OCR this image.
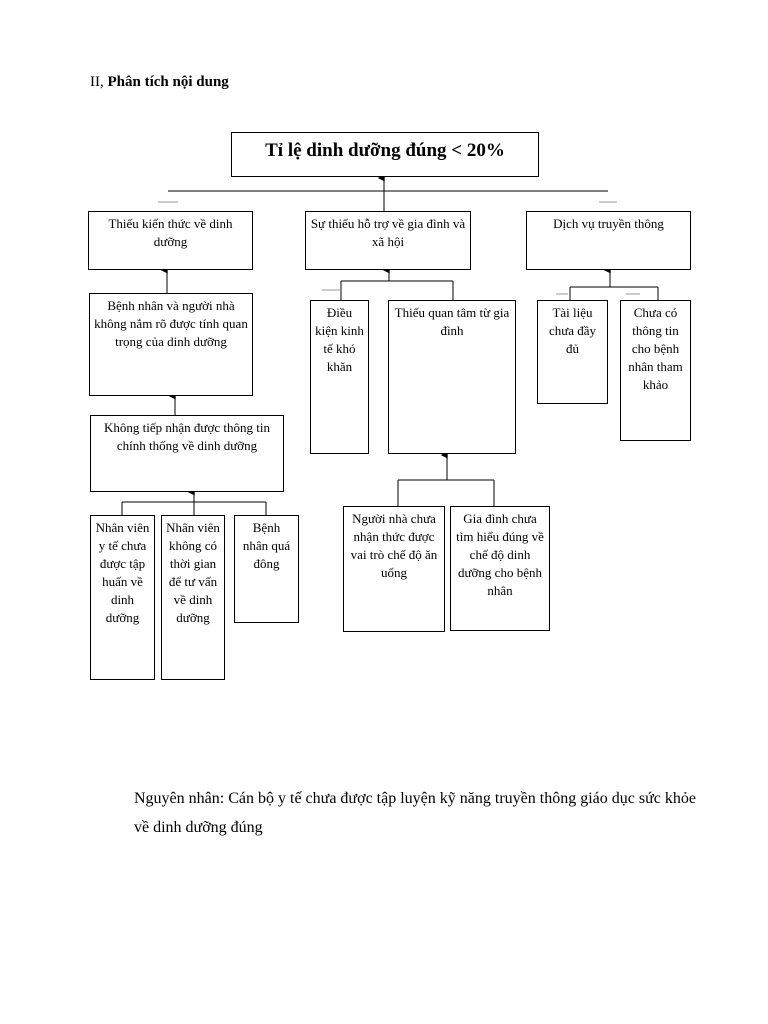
II, Phân tích nội dung
Tỉ lệ dinh dưỡng đúng < 20%
Thiếu kiến thức về dinh dưỡng
Sự thiếu hỗ trợ về gia đình và xã hội
Dịch vụ truyền thông
Bệnh nhân và người nhà không nắm rõ được tính quan trọng của dinh dưỡng
Không tiếp nhận được thông tin chính thống về dinh dưỡng
Nhân viên y tế chưa được tập huấn về dinh dưỡng
Nhân viên không có thời gian để tư vấn về dinh dưỡng
Bệnh nhân quá đông
Điều kiện kinh tế khó khăn
Thiếu quan tâm từ gia đình
Người nhà chưa nhận thức được vai trò chế độ ăn uống
Gia đình chưa tìm hiểu đúng về chế độ dinh dưỡng cho bệnh nhân
Tài liệu chưa đầy đủ
Chưa có thông tin cho bệnh nhân tham khảo
Nguyên nhân: Cán bộ y tế chưa được tập luyện kỹ năng truyền thông giáo dục sức khỏe về dinh dưỡng đúng
